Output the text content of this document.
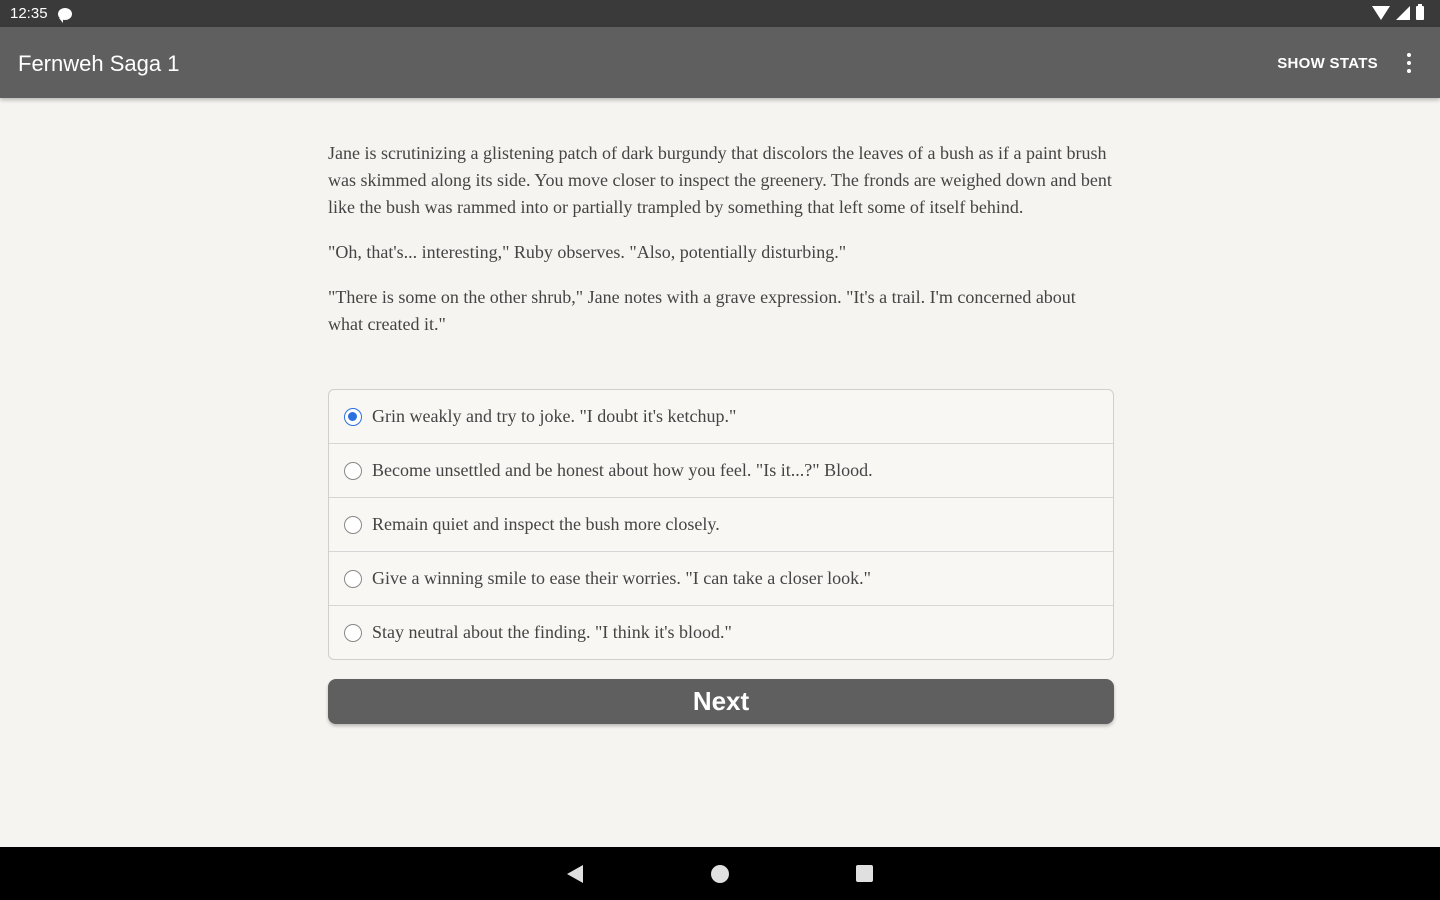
12:35
Fernweh Saga 1	SHOW STATS

Jane is scrutinizing a glistening patch of dark burgundy that discolors the leaves of a bush as if a paint brush was skimmed along its side. You move closer to inspect the greenery. The fronds are weighed down and bent like the bush was rammed into or partially trampled by something that left some of itself behind.

"Oh, that's... interesting," Ruby observes. "Also, potentially disturbing."

"There is some on the other shrub," Jane notes with a grave expression. "It's a trail. I'm concerned about what created it."

Grin weakly and try to joke. "I doubt it's ketchup."
Become unsettled and be honest about how you feel. "Is it...?" Blood.
Remain quiet and inspect the bush more closely.
Give a winning smile to ease their worries. "I can take a closer look."
Stay neutral about the finding. "I think it's blood."
Next
